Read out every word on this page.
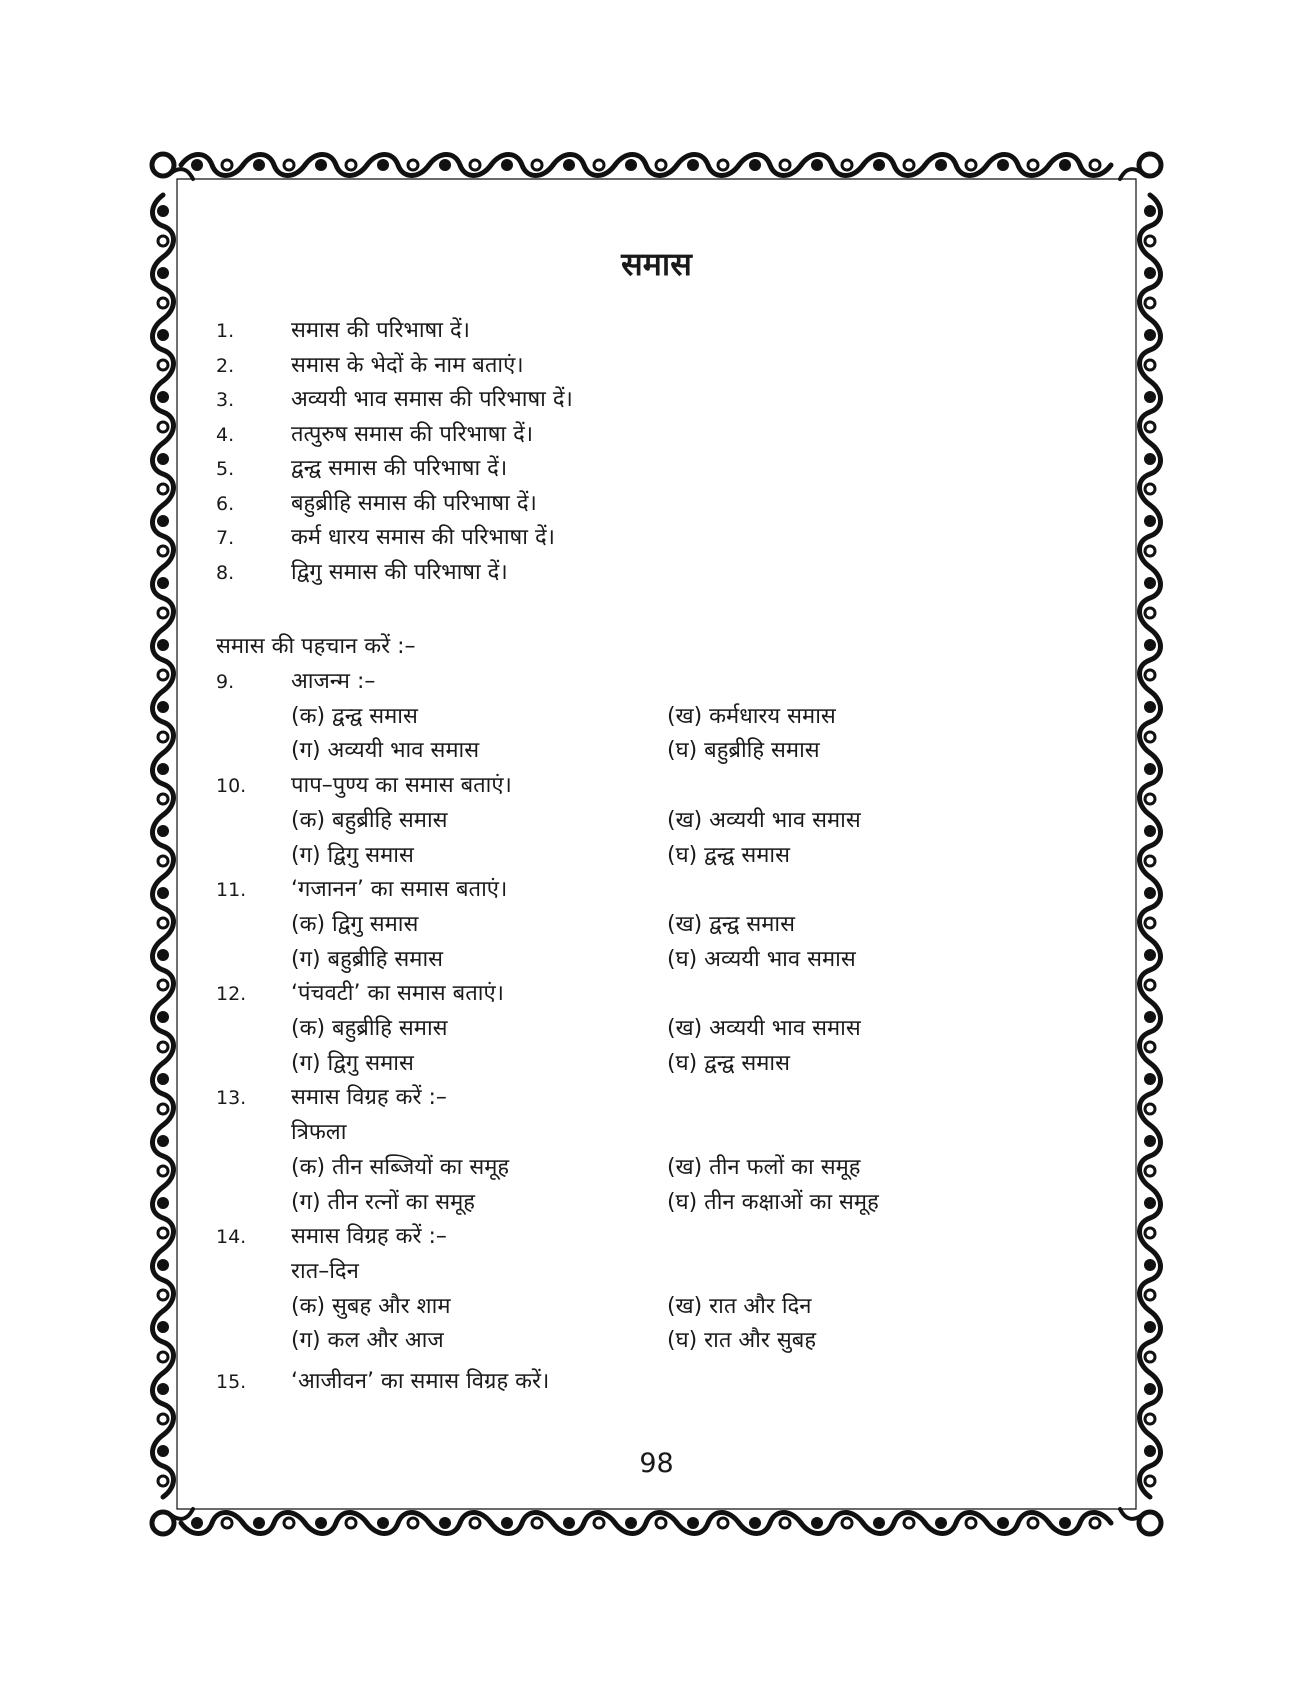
समास
1.	समास की परिभाषा दें।
2.	समास के भेदों के नाम बताएं।
3.	अव्ययी भाव समास की परिभाषा दें।
4.	तत्पुरुष समास की परिभाषा दें।
5.	द्वन्द्व समास की परिभाषा दें।
6.	बहुब्रीहि समास की परिभाषा दें।
7.	कर्म धारय समास की परिभाषा दें।
8.	द्विगु समास की परिभाषा दें।
समास की पहचान करें :–
9.	आजन्म :–
(क) द्वन्द्व समास	(ख) कर्मधारय समास
(ग) अव्ययी भाव समास	(घ) बहुब्रीहि समास
10. पाप–पुण्य का समास बताएं।
(क) बहुब्रीहि समास	(ख) अव्ययी भाव समास
(ग) द्विगु समास	(घ) द्वन्द्व समास
11. ‘गजानन’ का समास बताएं।
(क) द्विगु समास	(ख) द्वन्द्व समास
(ग) बहुब्रीहि समास	(घ) अव्ययी भाव समास
12. ‘पंचवटी’ का समास बताएं।
(क) बहुब्रीहि समास	(ख) अव्ययी भाव समास
(ग) द्विगु समास	(घ) द्वन्द्व समास
13. समास विग्रह करें :–
त्रिफला
(क) तीन सब्जियों का समूह	(ख) तीन फलों का समूह
(ग) तीन रत्नों का समूह	(घ) तीन कक्षाओं का समूह
14. समास विग्रह करें :–
रात–दिन
(क) सुबह और शाम	(ख) रात और दिन
(ग) कल और आज	(घ) रात और सुबह
15. ‘आजीवन’ का समास विग्रह करें।
98
